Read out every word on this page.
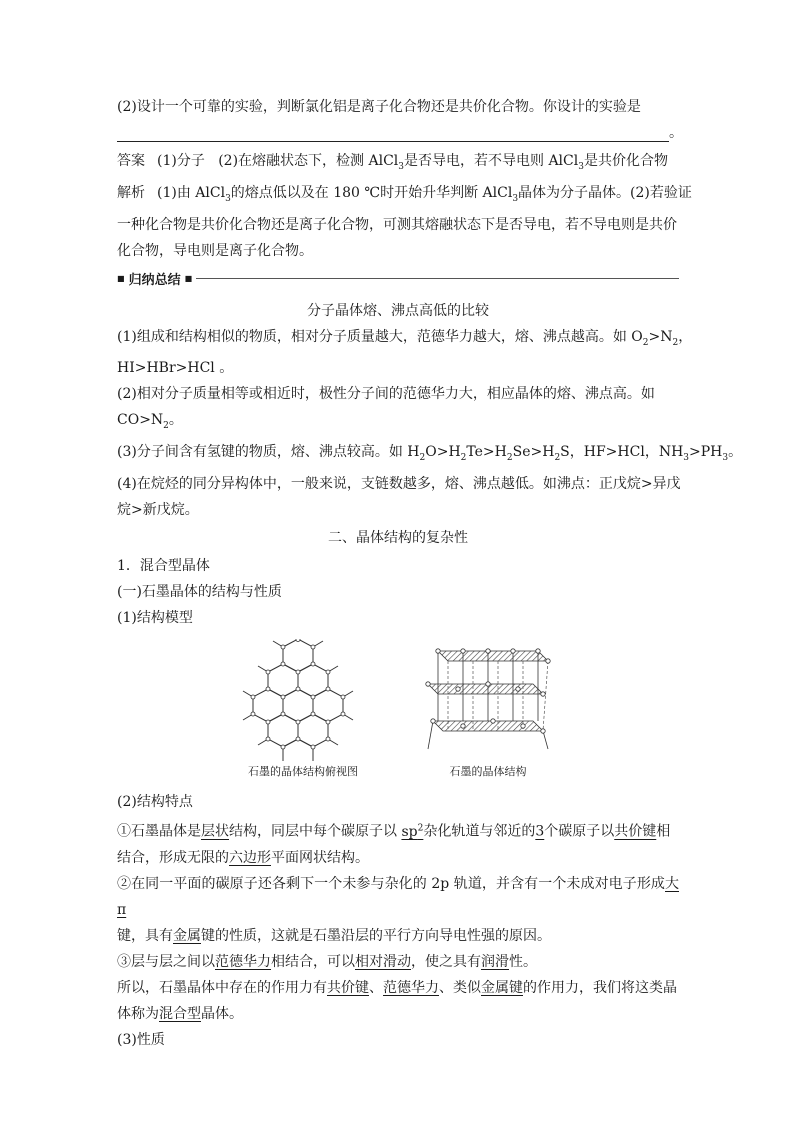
(2)设计一个可靠的实验，判断氯化铝是离子化合物还是共价化合物。你设计的实验是

。

答案 (1)分子 (2)在熔融状态下，检测 AlCl$_3$是否导电，若不导电则 AlCl$_3$是共价化合物

解析 (1)由 AlCl$_3$的熔点低以及在 180 ℃时开始升华判断 AlCl$_3$晶体为分子晶体。(2)若验证

一种化合物是共价化合物还是离子化合物，可测其熔融状态下是否导电，若不导电则是共价

化合物，导电则是离子化合物。

■ 归纳总结 ■

分子晶体熔、沸点高低的比较

(1)组成和结构相似的物质，相对分子质量越大，范德华力越大，熔、沸点越高。如 $O_2>N_2$，

HI>HBr>HCl 。

(2)相对分子质量相等或相近时，极性分子间的范德华力大，相应晶体的熔、沸点高。如

$CO>N_2$。

(3)分子间含有氢键的物质，熔、沸点较高。如 $H_2O>H_2Te>H_2Se>H_2S$，HF>HCl，$NH_3>PH_3$。

(4)在烷烃的同分异构体中，一般来说，支链数越多，熔、沸点越低。如沸点：正戊烷>异戊

烷>新戊烷。

二、晶体结构的复杂性

1．混合型晶体

(一)石墨晶体的结构与性质

(1)结构模型

石墨的晶体结构俯视图	石墨的晶体结构

(2)结构特点

①石墨晶体是层状结构，同层中每个碳原子以 $sp^2$杂化轨道与邻近的3个碳原子以共价键相
结合，形成无限的六边形平面网状结构。

②在同一平面的碳原子还各剩下一个未参与杂化的 2p 轨道，并含有一个未成对电子形成大 π
键，具有金属键的性质，这就是石墨沿层的平行方向导电性强的原因。

③层与层之间以范德华力相结合，可以相对滑动，使之具有润滑性。

所以，石墨晶体中存在的作用力有共价键、范德华力、类似金属键的作用力，我们将这类晶
体称为混合型晶体。

(3)性质
